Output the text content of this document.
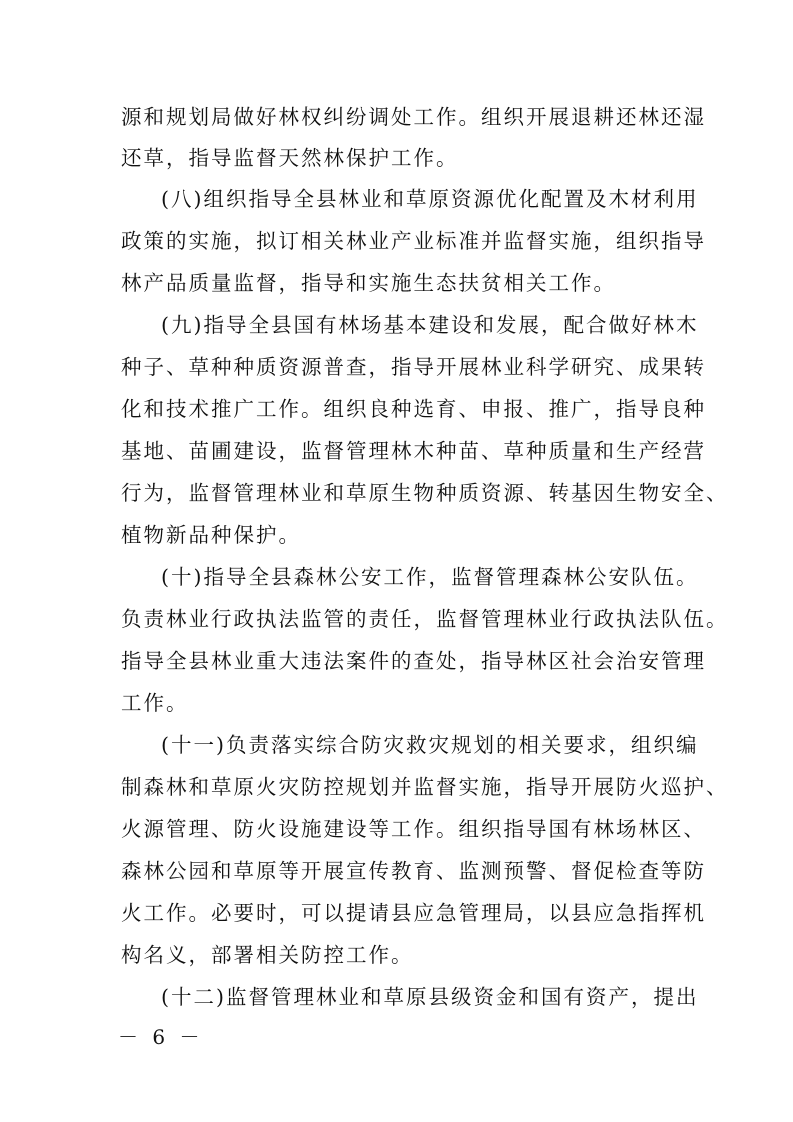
源和规划局做好林权纠纷调处工作。组织开展退耕还林还湿
还草，指导监督天然林保护工作。
(八)组织指导全县林业和草原资源优化配置及木材利用
政策的实施，拟订相关林业产业标准并监督实施，组织指导
林产品质量监督，指导和实施生态扶贫相关工作。
(九)指导全县国有林场基本建设和发展，配合做好林木
种子、草种种质资源普查，指导开展林业科学研究、成果转
化和技术推广工作。组织良种选育、申报、推广，指导良种
基地、苗圃建设，监督管理林木种苗、草种质量和生产经营
行为，监督管理林业和草原生物种质资源、转基因生物安全、
植物新品种保护。
(十)指导全县森林公安工作，监督管理森林公安队伍。
负责林业行政执法监管的责任，监督管理林业行政执法队伍。
指导全县林业重大违法案件的查处，指导林区社会治安管理
工作。
(十一)负责落实综合防灾救灾规划的相关要求，组织编
制森林和草原火灾防控规划并监督实施，指导开展防火巡护、
火源管理、防火设施建设等工作。组织指导国有林场林区、
森林公园和草原等开展宣传教育、监测预警、督促检查等防
火工作。必要时，可以提请县应急管理局，以县应急指挥机
构名义，部署相关防控工作。
(十二)监督管理林业和草原县级资金和国有资产，提出
－ 6 －
